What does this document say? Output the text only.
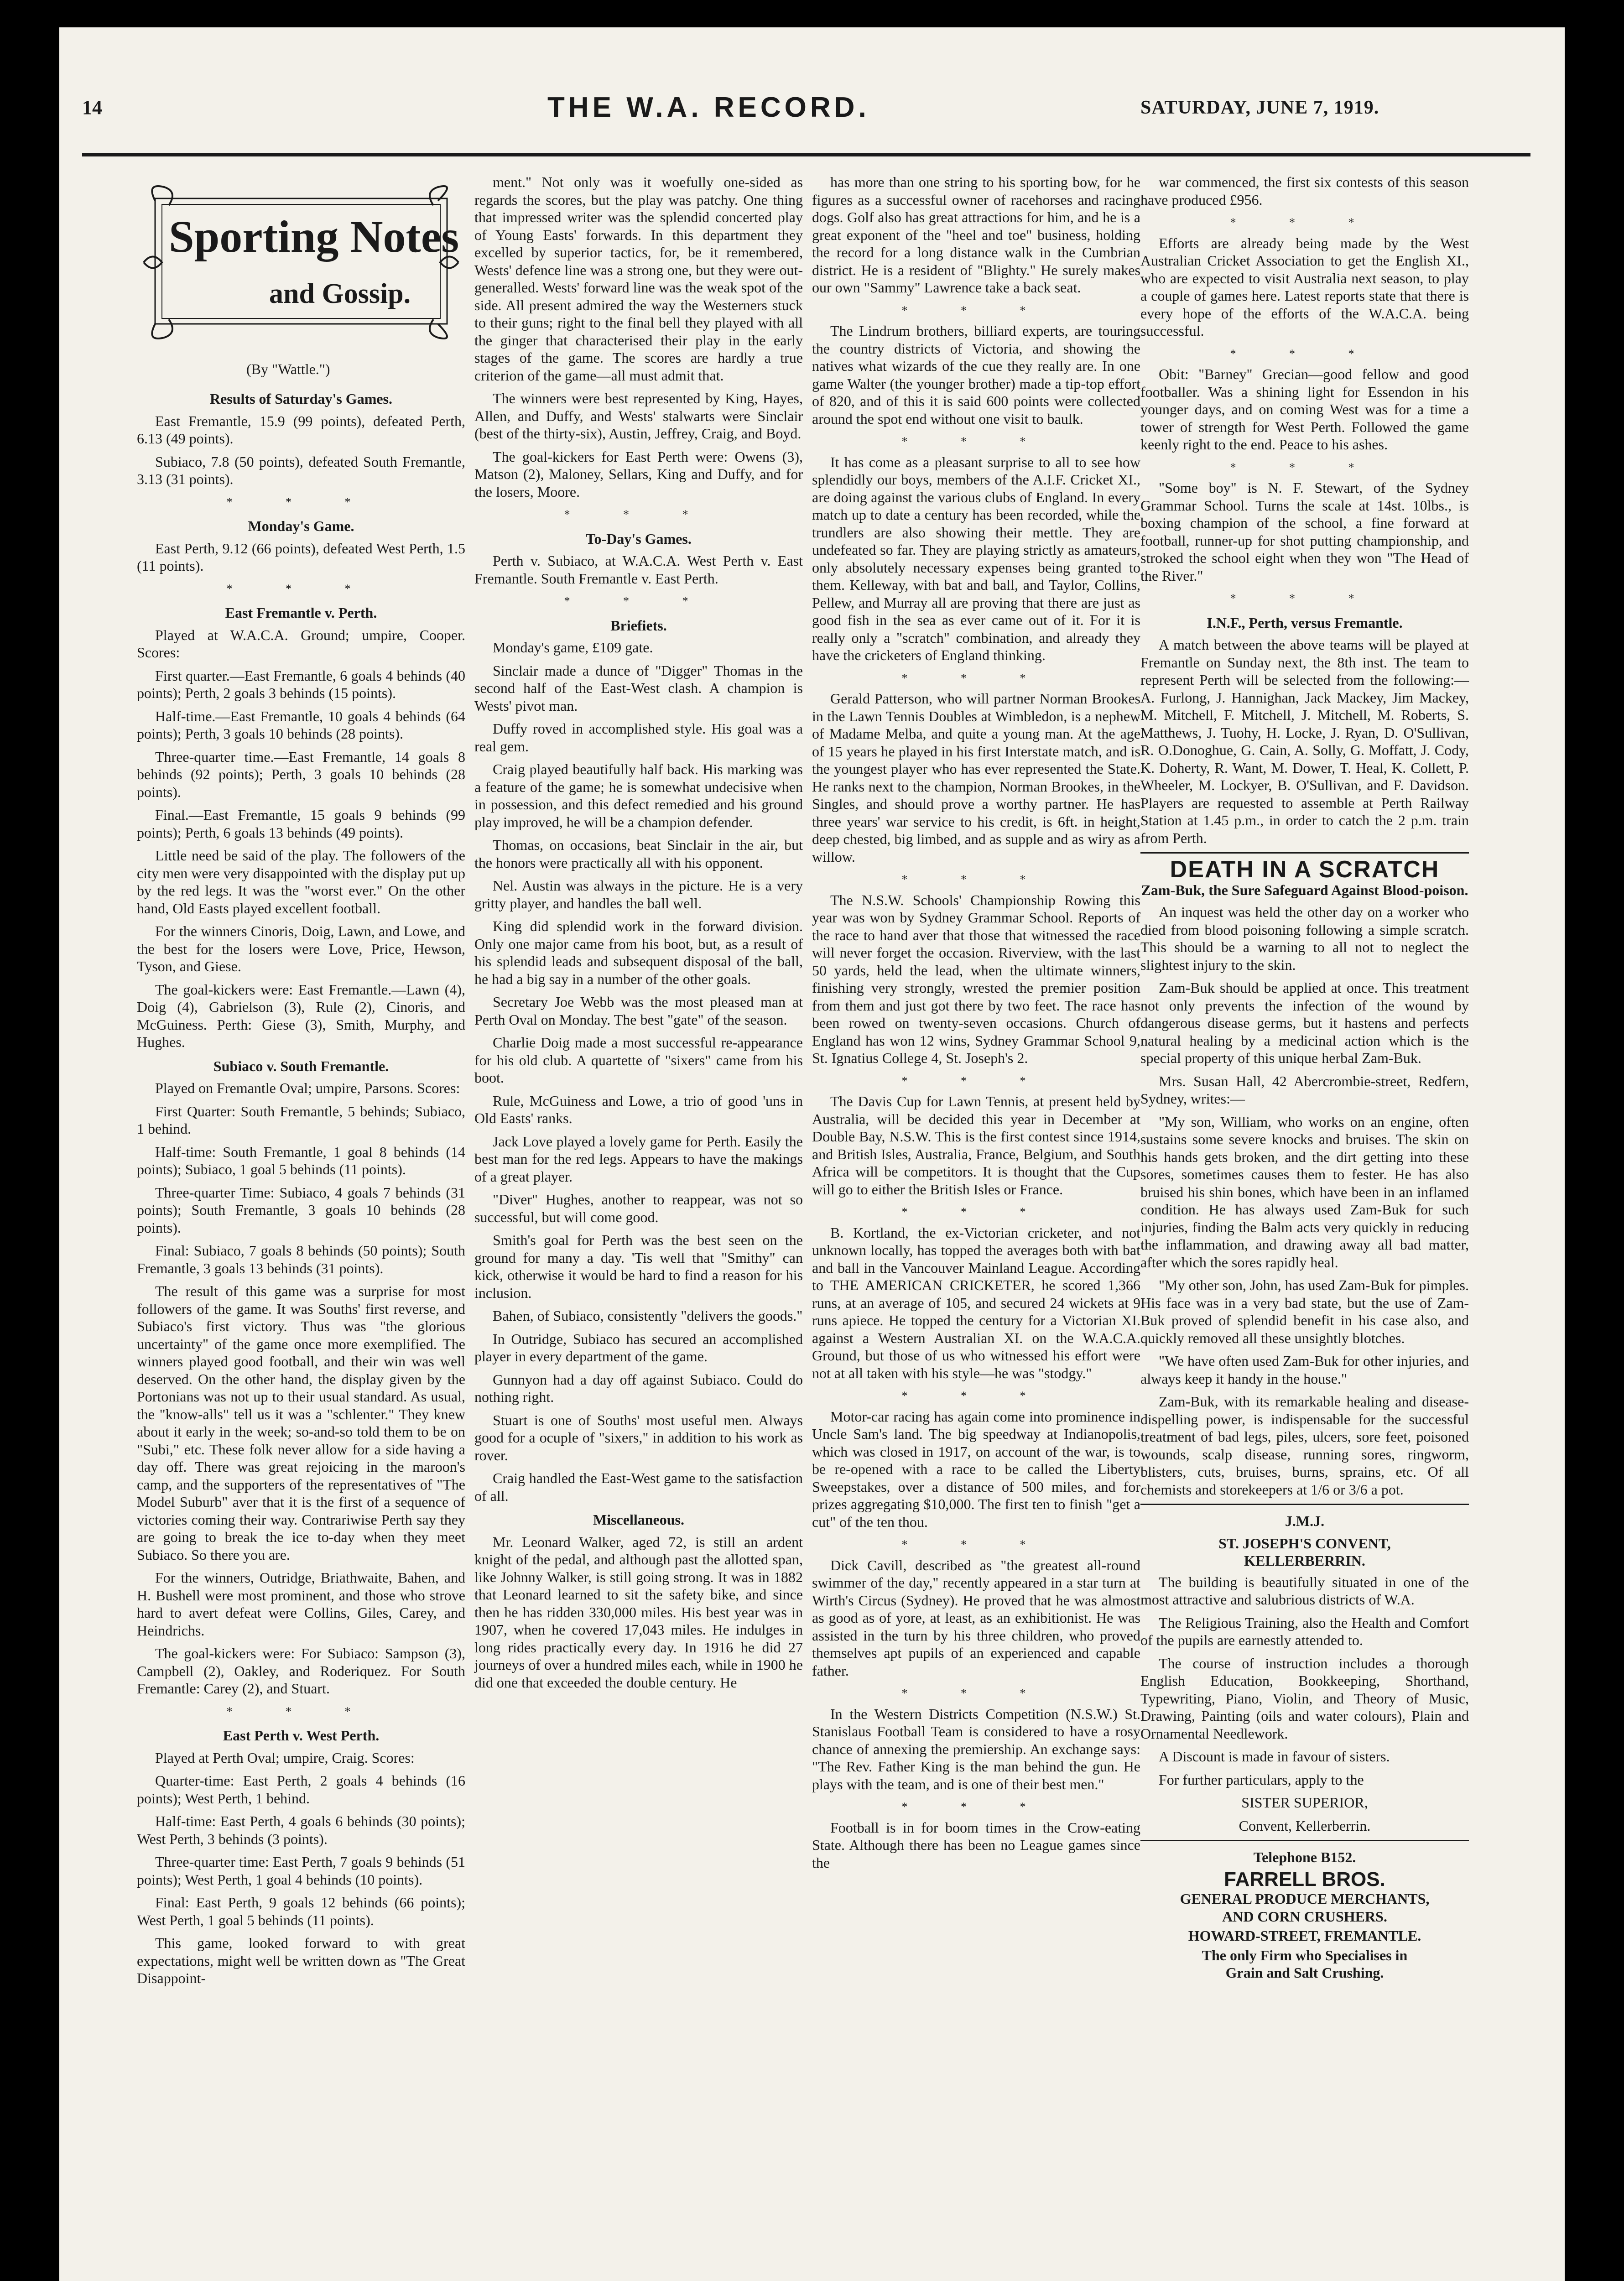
14	THE W.A. RECORD.	SATURDAY, JUNE 7, 1919.
Sporting Notes
and Gossip.
(By "Wattle.")
Results of Saturday's Games.

East Fremantle, 15.9 (99 points), defeated Perth, 6.13 (49 points).

Subiaco, 7.8 (50 points), defeated South Fremantle, 3.13 (31 points).

* * *
Monday's Game.

East Perth, 9.12 (66 points), defeated West Perth, 1.5 (11 points).

* * *
East Fremantle v. Perth.

Played at W.A.C.A. Ground; umpire, Cooper. Scores:

First quarter.—East Fremantle, 6 goals 4 behinds (40 points); Perth, 2 goals 3 behinds (15 points).

Half-time.—East Fremantle, 10 goals 4 behinds (64 points); Perth, 3 goals 10 behinds (28 points).

Three-quarter time.—East Fremantle, 14 goals 8 behinds (92 points); Perth, 3 goals 10 behinds (28 points).

Final.—East Fremantle, 15 goals 9 behinds (99 points); Perth, 6 goals 13 behinds (49 points).

Little need be said of the play. The followers of the city men were very disappointed with the display put up by the red legs. It was the "worst ever." On the other hand, Old Easts played excellent football.

For the winners Cinoris, Doig, Lawn, and Lowe, and the best for the losers were Love, Price, Hewson, Tyson, and Giese.

The goal-kickers were: East Fremantle.—Lawn (4), Doig (4), Gabrielson (3), Rule (2), Cinoris, and McGuiness. Perth: Giese (3), Smith, Murphy, and Hughes.

Subiaco v. South Fremantle.

Played on Fremantle Oval; umpire, Parsons. Scores:

First Quarter: South Fremantle, 5 behinds; Subiaco, 1 behind.

Half-time: South Fremantle, 1 goal 8 behinds (14 points); Subiaco, 1 goal 5 behinds (11 points).

Three-quarter Time: Subiaco, 4 goals 7 behinds (31 points); South Fremantle, 3 goals 10 behinds (28 points).

Final: Subiaco, 7 goals 8 behinds (50 points); South Fremantle, 3 goals 13 behinds (31 points).

The result of this game was a surprise for most followers of the game. It was Souths' first reverse, and Subiaco's first victory. Thus was "the glorious uncertainty" of the game once more exemplified. The winners played good football, and their win was well deserved. On the other hand, the display given by the Portonians was not up to their usual standard. As usual, the "know-alls" tell us it was a "schlenter." They knew about it early in the week; so-and-so told them to be on "Subi," etc. These folk never allow for a side having a day off. There was great rejoicing in the maroon's camp, and the supporters of the representatives of "The Model Suburb" aver that it is the first of a sequence of victories coming their way. Contrariwise Perth say they are going to break the ice to-day when they meet Subiaco. So there you are.

For the winners, Outridge, Briathwaite, Bahen, and H. Bushell were most prominent, and those who strove hard to avert defeat were Collins, Giles, Carey, and Heindrichs.

The goal-kickers were: For Subiaco: Sampson (3), Campbell (2), Oakley, and Roderiquez. For South Fremantle: Carey (2), and Stuart.

* * *
East Perth v. West Perth.

Played at Perth Oval; umpire, Craig. Scores:

Quarter-time: East Perth, 2 goals 4 behinds (16 points); West Perth, 1 behind.

Half-time: East Perth, 4 goals 6 behinds (30 points); West Perth, 3 behinds (3 points).

Three-quarter time: East Perth, 7 goals 9 behinds (51 points); West Perth, 1 goal 4 behinds (10 points).

Final: East Perth, 9 goals 12 behinds (66 points); West Perth, 1 goal 5 behinds (11 points).

This game, looked forward to with great expectations, might well be written down as "The Great Disappoint-

ment." Not only was it woefully one-sided as regards the scores, but the play was patchy. One thing that impressed writer was the splendid concerted play of Young Easts' forwards. In this department they excelled by superior tactics, for, be it remembered, Wests' defence line was a strong one, but they were out-generalled. Wests' forward line was the weak spot of the side. All present admired the way the Westerners stuck to their guns; right to the final bell they played with all the ginger that characterised their play in the early stages of the game. The scores are hardly a true criterion of the game—all must admit that.

The winners were best represented by King, Hayes, Allen, and Duffy, and Wests' stalwarts were Sinclair (best of the thirty-six), Austin, Jeffrey, Craig, and Boyd.

The goal-kickers for East Perth were: Owens (3), Matson (2), Maloney, Sellars, King and Duffy, and for the losers, Moore.

* * *
To-Day's Games.

Perth v. Subiaco, at W.A.C.A. West Perth v. East Fremantle. South Fremantle v. East Perth.

* * *
Briefiets.

Monday's game, £109 gate.

Sinclair made a dunce of "Digger" Thomas in the second half of the East-West clash. A champion is Wests' pivot man.

Duffy roved in accomplished style. His goal was a real gem.

Craig played beautifully half back. His marking was a feature of the game; he is somewhat undecisive when in possession, and this defect remedied and his ground play improved, he will be a champion defender.

Thomas, on occasions, beat Sinclair in the air, but the honors were practically all with his opponent.

Nel. Austin was always in the picture. He is a very gritty player, and handles the ball well.

King did splendid work in the forward division. Only one major came from his boot, but, as a result of his splendid leads and subsequent disposal of the ball, he had a big say in a number of the other goals.

Secretary Joe Webb was the most pleased man at Perth Oval on Monday. The best "gate" of the season.

Charlie Doig made a most successful re-appearance for his old club. A quartette of "sixers" came from his boot.

Rule, McGuiness and Lowe, a trio of good 'uns in Old Easts' ranks.

Jack Love played a lovely game for Perth. Easily the best man for the red legs. Appears to have the makings of a great player.

"Diver" Hughes, another to reappear, was not so successful, but will come good.

Smith's goal for Perth was the best seen on the ground for many a day. 'Tis well that "Smithy" can kick, otherwise it would be hard to find a reason for his inclusion.

Bahen, of Subiaco, consistently "delivers the goods."

In Outridge, Subiaco has secured an accomplished player in every department of the game.

Gunnyon had a day off against Subiaco. Could do nothing right.

Stuart is one of Souths' most useful men. Always good for a ocuple of "sixers," in addition to his work as rover.

Craig handled the East-West game to the satisfaction of all.

Miscellaneous.

Mr. Leonard Walker, aged 72, is still an ardent knight of the pedal, and although past the allotted span, like Johnny Walker, is still going strong. It was in 1882 that Leonard learned to sit the safety bike, and since then he has ridden 330,000 miles. His best year was in 1907, when he covered 17,043 miles. He indulges in long rides practically every day. In 1916 he did 27 journeys of over a hundred miles each, while in 1900 he did one that exceeded the double century. He

has more than one string to his sporting bow, for he figures as a successful owner of racehorses and racing dogs. Golf also has great attractions for him, and he is a great exponent of the "heel and toe" business, holding the record for a long distance walk in the Cumbrian district. He is a resident of "Blighty." He surely makes our own "Sammy" Lawrence take a back seat.

* * *

The Lindrum brothers, billiard experts, are touring the country districts of Victoria, and showing the natives what wizards of the cue they really are. In one game Walter (the younger brother) made a tip-top effort of 820, and of this it is said 600 points were collected around the spot end without one visit to baulk.

* * *

It has come as a pleasant surprise to all to see how splendidly our boys, members of the A.I.F. Cricket XI., are doing against the various clubs of England. In every match up to date a century has been recorded, while the trundlers are also showing their mettle. They are undefeated so far. They are playing strictly as amateurs, only absolutely necessary expenses being granted to them. Kelleway, with bat and ball, and Taylor, Collins, Pellew, and Murray all are proving that there are just as good fish in the sea as ever came out of it. For it is really only a "scratch" combination, and already they have the cricketers of England thinking.

* * *

Gerald Patterson, who will partner Norman Brookes in the Lawn Tennis Doubles at Wimbledon, is a nephew of Madame Melba, and quite a young man. At the age of 15 years he played in his first Interstate match, and is the youngest player who has ever represented the State. He ranks next to the champion, Norman Brookes, in the Singles, and should prove a worthy partner. He has three years' war service to his credit, is 6ft. in height, deep chested, big limbed, and as supple and as wiry as a willow.

* * *

The N.S.W. Schools' Championship Rowing this year was won by Sydney Grammar School. Reports of the race to hand aver that those that witnessed the race will never forget the occasion. Riverview, with the last 50 yards, held the lead, when the ultimate winners, finishing very strongly, wrested the premier position from them and just got there by two feet. The race has been rowed on twenty-seven occasions. Church of England has won 12 wins, Sydney Grammar School 9, St. Ignatius College 4, St. Joseph's 2.

* * *

The Davis Cup for Lawn Tennis, at present held by Australia, will be decided this year in December at Double Bay, N.S.W. This is the first contest since 1914, and British Isles, Australia, France, Belgium, and South Africa will be competitors. It is thought that the Cup will go to either the British Isles or France.

* * *

B. Kortland, the ex-Victorian cricketer, and not unknown locally, has topped the averages both with bat and ball in the Vancouver Mainland League. According to THE AMERICAN CRICKETER, he scored 1,366 runs, at an average of 105, and secured 24 wickets at 9 runs apiece. He topped the century for a Victorian XI. against a Western Australian XI. on the W.A.C.A. Ground, but those of us who witnessed his effort were not at all taken with his style—he was "stodgy."

* * *

Motor-car racing has again come into prominence in Uncle Sam's land. The big speedway at Indianopolis, which was closed in 1917, on account of the war, is to be re-opened with a race to be called the Liberty Sweepstakes, over a distance of 500 miles, and for prizes aggregating $10,000. The first ten to finish "get a cut" of the ten thou.

* * *

Dick Cavill, described as "the greatest all-round swimmer of the day," recently appeared in a star turn at Wirth's Circus (Sydney). He proved that he was almost as good as of yore, at least, as an exhibitionist. He was assisted in the turn by his three children, who proved themselves apt pupils of an experienced and capable father.

* * *

In the Western Districts Competition (N.S.W.) St. Stanislaus Football Team is considered to have a rosy chance of annexing the premiership. An exchange says: "The Rev. Father King is the man behind the gun. He plays with the team, and is one of their best men."

* * *

Football is in for boom times in the Crow-eating State. Although there has been no League games since the

war commenced, the first six contests of this season have produced £956.

* * *

Efforts are already being made by the West Australian Cricket Association to get the English XI., who are expected to visit Australia next season, to play a couple of games here. Latest reports state that there is every hope of the efforts of the W.A.C.A. being successful.

* * *

Obit: "Barney" Grecian—good fellow and good footballer. Was a shining light for Essendon in his younger days, and on coming West was for a time a tower of strength for West Perth. Followed the game keenly right to the end. Peace to his ashes.

* * *

"Some boy" is N. F. Stewart, of the Sydney Grammar School. Turns the scale at 14st. 10lbs., is boxing champion of the school, a fine forward at football, runner-up for shot putting championship, and stroked the school eight when they won "The Head of the River."

* * *
I.N.F., Perth, versus Fremantle.

A match between the above teams will be played at Fremantle on Sunday next, the 8th inst. The team to represent Perth will be selected from the following:—A. Furlong, J. Hannighan, Jack Mackey, Jim Mackey, M. Mitchell, F. Mitchell, J. Mitchell, M. Roberts, S. Matthews, J. Tuohy, H. Locke, J. Ryan, D. O'Sullivan, R. O.Donoghue, G. Cain, A. Solly, G. Moffatt, J. Cody, K. Doherty, R. Want, M. Dower, T. Heal, K. Collett, P. Wheeler, M. Lockyer, B. O'Sullivan, and F. Davidson. Players are requested to assemble at Perth Railway Station at 1.45 p.m., in order to catch the 2 p.m. train from Perth.

DEATH IN A SCRATCH
Zam-Buk, the Sure Safeguard Against Blood-poison.

An inquest was held the other day on a worker who died from blood poisoning following a simple scratch. This should be a warning to all not to neglect the slightest injury to the skin.

Zam-Buk should be applied at once. This treatment not only prevents the infection of the wound by dangerous disease germs, but it hastens and perfects natural healing by a medicinal action which is the special property of this unique herbal Zam-Buk.

Mrs. Susan Hall, 42 Abercrombie-street, Redfern, Sydney, writes:—

"My son, William, who works on an engine, often sustains some severe knocks and bruises. The skin on his hands gets broken, and the dirt getting into these sores, sometimes causes them to fester. He has also bruised his shin bones, which have been in an inflamed condition. He has always used Zam-Buk for such injuries, finding the Balm acts very quickly in reducing the inflammation, and drawing away all bad matter, after which the sores rapidly heal.

"My other son, John, has used Zam-Buk for pimples. His face was in a very bad state, but the use of Zam-Buk proved of splendid benefit in his case also, and quickly removed all these unsightly blotches.

"We have often used Zam-Buk for other injuries, and always keep it handy in the house."

Zam-Buk, with its remarkable healing and disease-dispelling power, is indispensable for the successful treatment of bad legs, piles, ulcers, sore feet, poisoned wounds, scalp disease, running sores, ringworm, blisters, cuts, bruises, burns, sprains, etc. Of all chemists and storekeepers at 1/6 or 3/6 a pot.

J.M.J.
ST. JOSEPH'S CONVENT,
KELLERBERRIN.

The building is beautifully situated in one of the most attractive and salubrious districts of W.A.

The Religious Training, also the Health and Comfort of the pupils are earnestly attended to.

The course of instruction includes a thorough English Education, Bookkeeping, Shorthand, Typewriting, Piano, Violin, and Theory of Music, Drawing, Painting (oils and water colours), Plain and Ornamental Needlework.

A Discount is made in favour of sisters.

For further particulars, apply to the

SISTER SUPERIOR,

Convent, Kellerberrin.

Telephone B152.
FARRELL BROS.
GENERAL PRODUCE MERCHANTS,
AND CORN CRUSHERS.
HOWARD-STREET, FREMANTLE.
The only Firm who Specialises in
Grain and Salt Crushing.
